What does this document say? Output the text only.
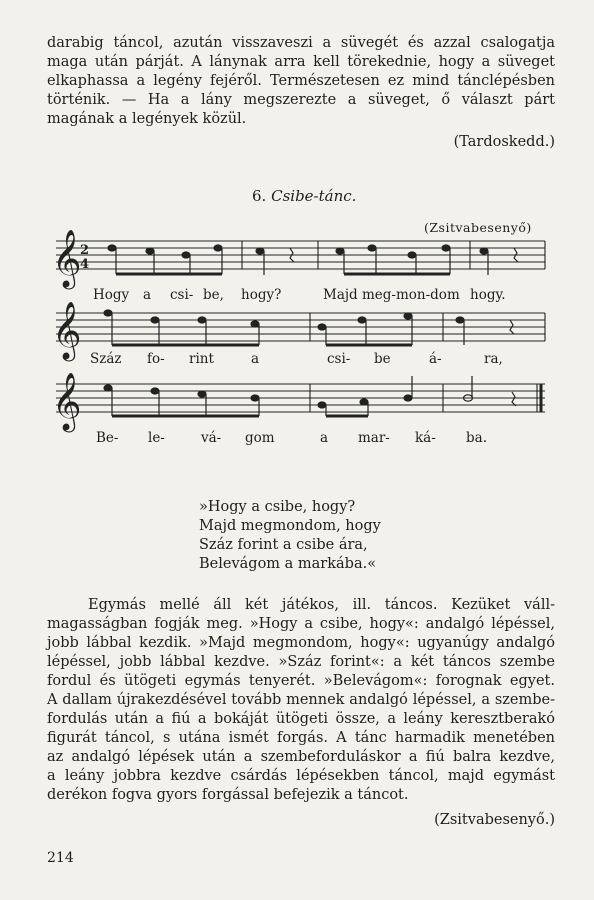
darabig táncol, azután visszaveszi a süvegét és azzal csalogatja
maga után párját. A lánynak arra kell törekednie, hogy a süveget
elkaphassa a legény fejéről. Természetesen ez mind tánclépésben
történik. — Ha a lány megszerezte a süveget, ő választ párt
magának a legények közül.
(Tardoskedd.)
6. Csibe-tánc.
(Zsitvabesenyő)
𝄞
𝄞
𝄞
2
4
Hogy a csi- be, hogy?	Majd meg-mon-dom hogy.
Száz fo- rint	a	csi- be	á-	ra,
Be- le-	vá- gom	a mar- ká- ba.
»Hogy a csibe, hogy?
Majd megmondom, hogy
Száz forint a csibe ára,
Belevágom a markába.«
Egymás mellé áll két játékos, ill. táncos. Kezüket váll-
magasságban fogják meg. »Hogy a csibe, hogy«: andalgó lépéssel,
jobb lábbal kezdik. »Majd megmondom, hogy«: ugyanúgy andalgó
lépéssel, jobb lábbal kezdve. »Száz forint«: a két táncos szembe
fordul és ütögeti egymás tenyerét. »Belevágom«: forognak egyet.
A dallam újrakezdésével tovább mennek andalgó lépéssel, a szembe-
fordulás után a fiú a bokáját ütögeti össze, a leány keresztberakó
figurát táncol, s utána ismét forgás. A tánc harmadik menetében
az andalgó lépések után a szembeforduláskor a fiú balra kezdve,
a leány jobbra kezdve csárdás lépésekben táncol, majd egymást
derékon fogva gyors forgással befejezik a táncot.
(Zsitvabesenyő.)
214
